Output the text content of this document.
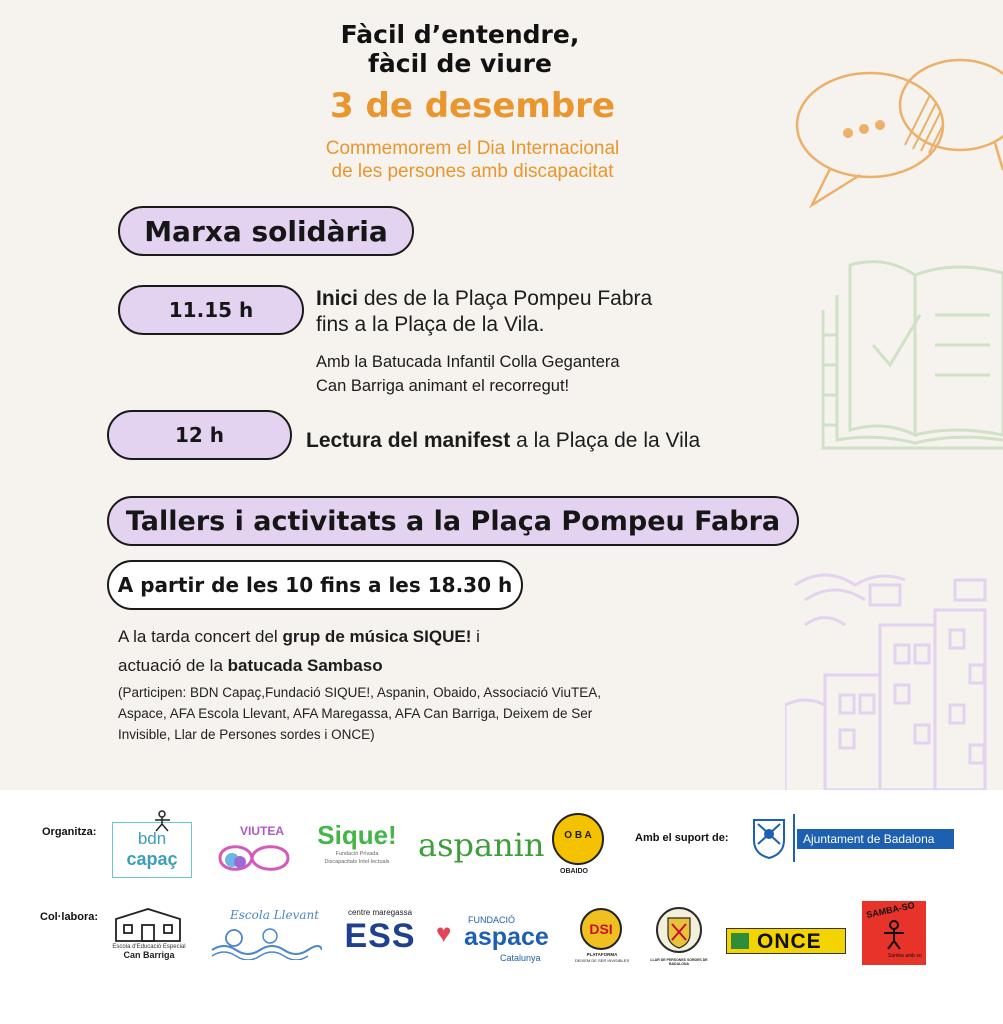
Fàcil d’entendre,
fàcil de viure
3 de desembre
Commemorem el Dia Internacional
de les persones amb discapacitat
Marxa solidària
11.15 h	Inici des de la Plaça Pompeu Fabra
fins a la Plaça de la Vila.
Amb la Batucada Infantil Colla Gegantera
Can Barriga animant el recorregut!
12 h	Lectura del manifest a la Plaça de la Vila
Tallers i activitats a la Plaça Pompeu Fabra
A partir de les 10 fins a les 18.30 h
A la tarda concert del grup de música SIQUE! i
actuació de la batucada Sambaso
(Participen: BDN Capaç,Fundació SIQUE!, Aspanin, Obaido, Associació ViuTEA,
Aspace, AFA Escola Llevant, AFA Maregassa, AFA Can Barriga, Deixem de Ser
Invisible, Llar de Persones sordes i ONCE)
Organitza:	Amb el suport de:
Col·labora:
bdn
capaç
VIUTEA Sique!
Fundació Privada
Discapacitats Intel·lectuals aspanin	O B A
OBAIDO
Ajuntament de Badalona
Escola d'Educació Especial
Can Barriga
Escola Llevant	centre maregassa
ESS	FUNDACIÓ
♥ aspace
Catalunya
DSI
PLATAFORMA
DEIXEM DE SER INVISIBLES	LLAR DE PERSONES SORDES DE BADALONA
ONCE
SAMBA-SO
Samba amb so
